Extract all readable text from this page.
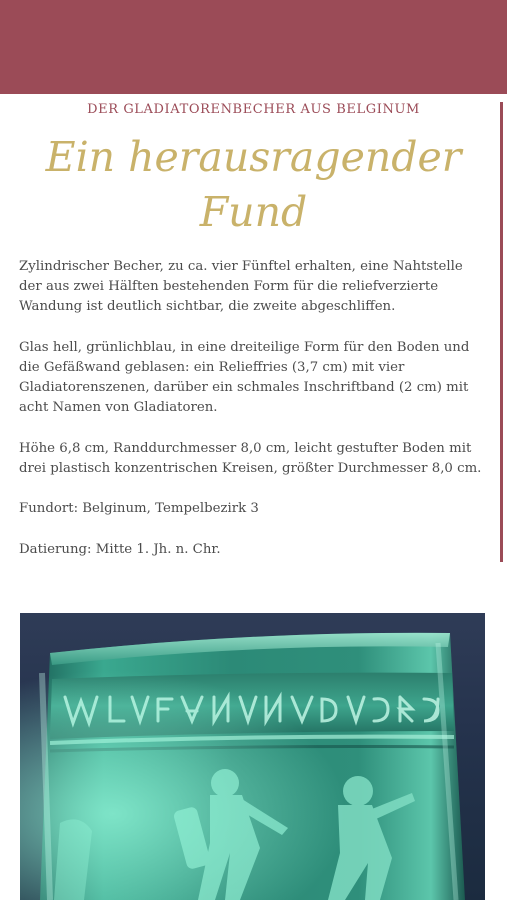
DER GLADIATORENBECHER AUS BELGINUM
Ein herausragender Fund

Zylindrischer Becher, zu ca. vier Fünftel erhalten, eine Nahtstelle der aus zwei Hälften bestehenden Form für die reliefverzierte Wandung ist deutlich sichtbar, die zweite abgeschliffen.

Glas hell, grünlichblau, in eine dreiteilige Form für den Boden und die Gefäßwand geblasen: ein Relieffries (3,7 cm) mit vier Gladiatorenszenen, darüber ein schmales Inschriftband (2 cm) mit acht Namen von Gladiatoren.

Höhe 6,8 cm, Randdurchmesser 8,0 cm, leicht gestufter Boden mit drei plastisch konzentrischen Kreisen, größter Durchmesser 8,0 cm.

Fundort: Belginum, Tempelbezirk 3

Datierung: Mitte 1. Jh. n. Chr.
